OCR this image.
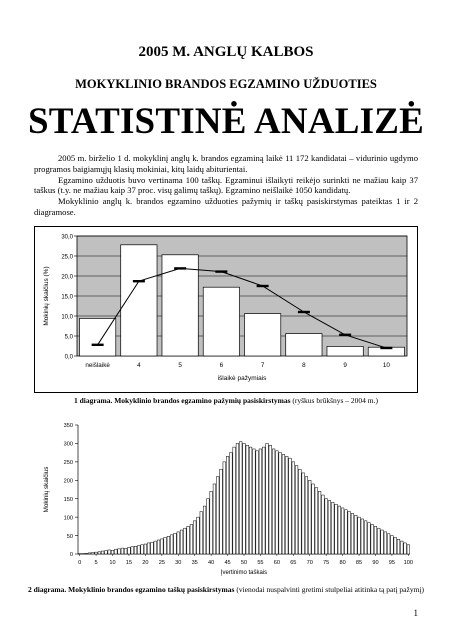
2005 M. ANGLŲ KALBOS
MOKYKLINIO BRANDOS EGZAMINO UŽDUOTIES
STATISTINĖ ANALIZĖ

2005 m. birželio 1 d. mokyklinį anglų k. brandos egzaminą laikė 11 172 kandidatai – vidurinio ugdymo programos baigiamųjų klasių mokiniai, kitų laidų abiturientai.

Egzamino užduotis buvo vertinama 100 taškų. Egzaminui išlaikyti reikėjo surinkti ne mažiau kaip 37 taškus (t.y. ne mažiau kaip 37 proc. visų galimų taškų). Egzamino neišlaikė 1050 kandidatų.

Mokyklinio anglų k. brandos egzamino užduoties pažymių ir taškų pasiskirstymas pateiktas 1 ir 2 diagramose.

0,0
5,0
10,0
15,0
20,0
25,0
30,0
neišlaikė	4	5	6	7	8	9	10
išlaikė pažymiais
Mokinių skaičius (%)
1 diagrama. Mokyklinio brandos egzamino pažymių pasiskirstymas (ryškus brūkšnys – 2004 m.)
0
50
100
150
200
250
300
350
0 5 10 15 20 25 30 35 40 45 50 55 60 65 70 75 80 85 90 95 100
Įvertinimo taškais
Mokinių skaičius
2 diagrama. Mokyklinio brandos egzamino taškų pasiskirstymas (vienodai nuspalvinti gretimi stulpeliai atitinka tą patį pažymį)
1
